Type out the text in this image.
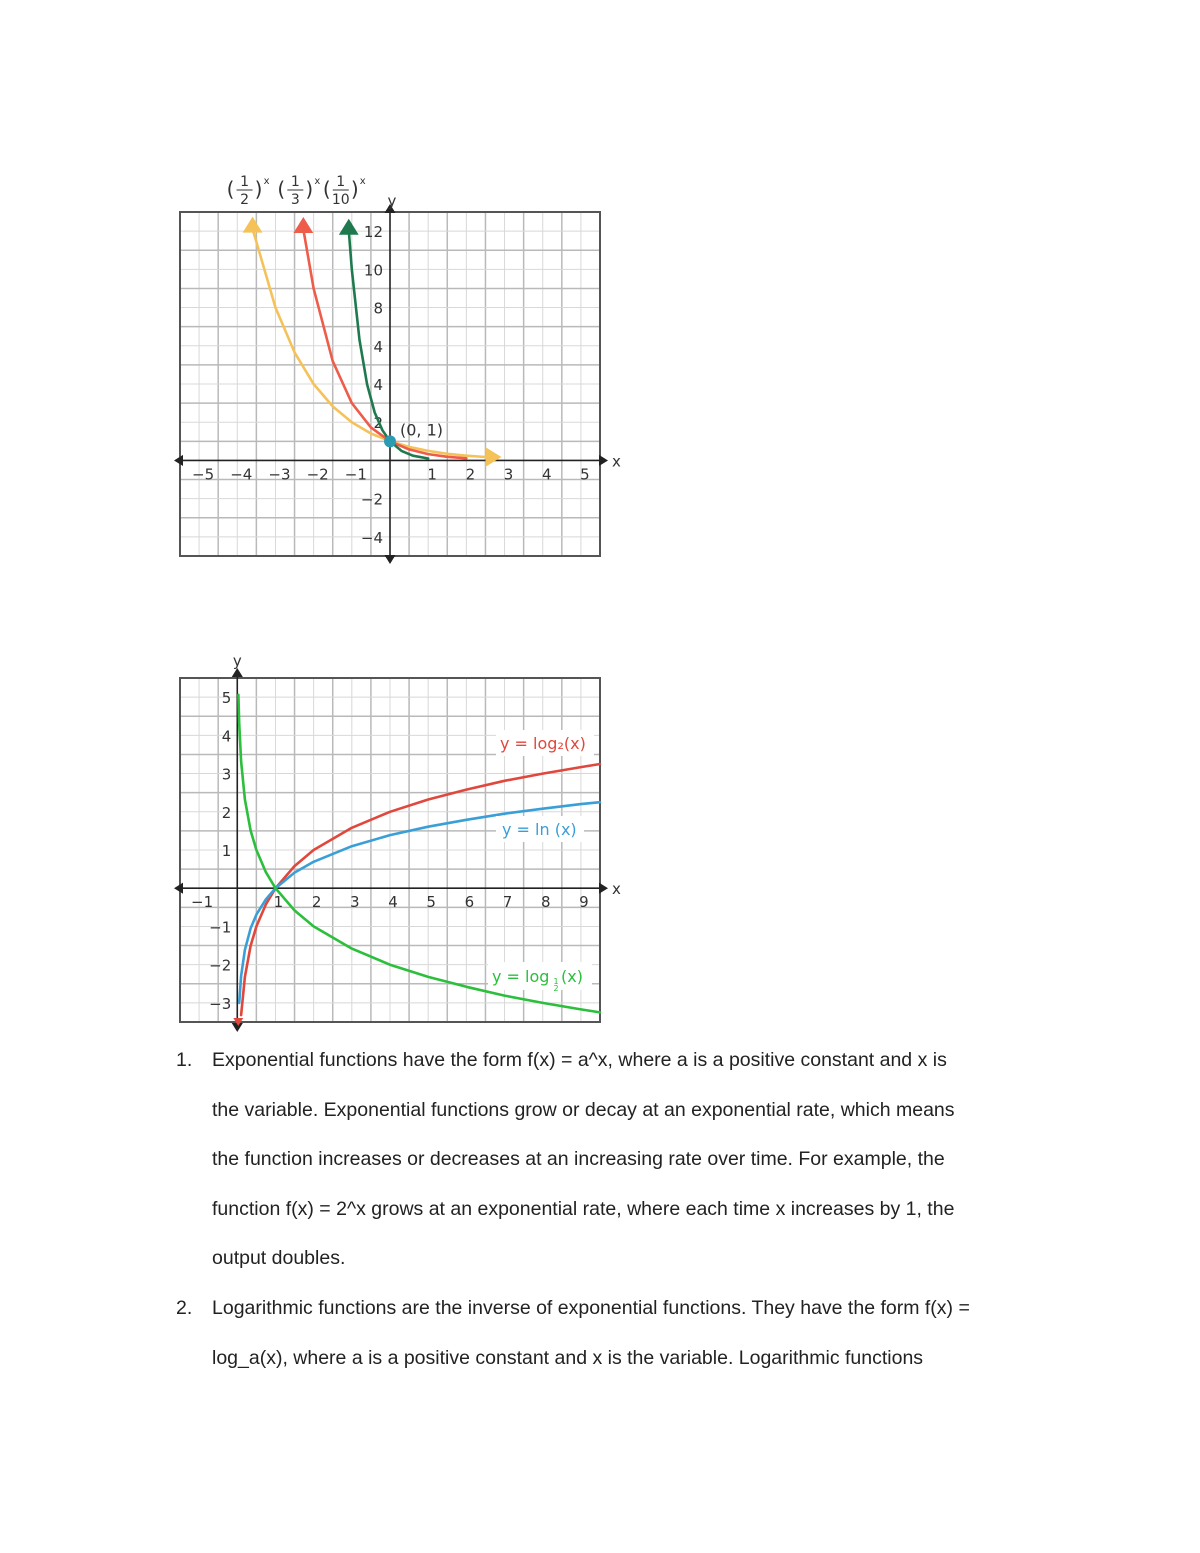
x
y
−5 −4 −3 −2 −1	1 2 3 4 5
12
10
8
4
4
2
−2
−4
1
2
( ) x 1
3
( ) x 1
10
( ) x
(0, 1)
x
y
−1	1 2 3 4 5 6 7 8 9
5
4
3
2
1
−1
−2
−3
y = log₂(x)
y = ln (x)
y = log 1
2
(x)
1. Exponential functions have the form f(x) = a^x, where a is a positive constant and x is
the variable. Exponential functions grow or decay at an exponential rate, which means
the function increases or decreases at an increasing rate over time. For example, the
function f(x) = 2^x grows at an exponential rate, where each time x increases by 1, the
output doubles.
2. Logarithmic functions are the inverse of exponential functions. They have the form f(x) =
log_a(x), where a is a positive constant and x is the variable. Logarithmic functions
